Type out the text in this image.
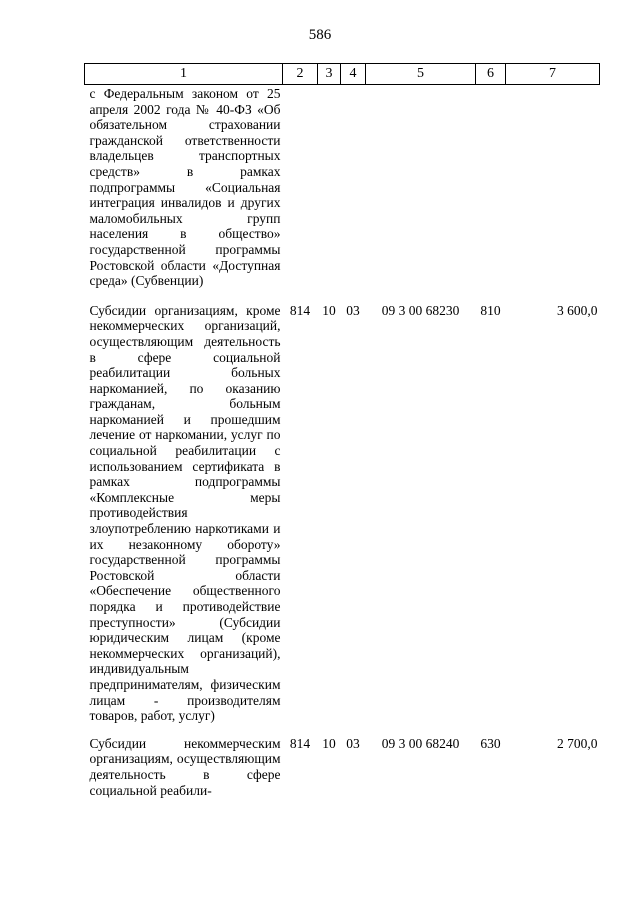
586
1	2	3	4	5	6	7
с Федеральным законом от 25 апреля 2002 года № 40-ФЗ «Об обязательном страховании гражданской ответственности владельцев транспортных средств» в рамках подпрограммы «Социальная интеграция инвалидов и других маломобильных групп населения в общество» государственной программы Ростовской области «Доступная среда» (Субвенции)						
Субсидии организациям, кроме некоммерческих организаций, осуществляющим деятельность в сфере социальной реабилитации больных наркоманией, по оказанию гражданам, больным наркоманией и прошедшим лечение от наркомании, услуг по социальной реабилитации с использованием сертификата в рамках подпрограммы «Комплексные меры противодействия злоупотреблению наркотиками и их незаконному обороту» государственной программы Ростовской области «Обеспечение общественного порядка и противодействие преступности» (Субсидии юридическим лицам (кроме некоммерческих организаций), индивидуальным предпринимателям, физическим лицам - производителям товаров, работ, услуг)	814	10	03	09 3 00 68230	810	3 600,0
Субсидии некоммерческим организациям, осуществляющим деятельность в сфере социальной реабили-	814	10	03	09 3 00 68240	630	2 700,0
